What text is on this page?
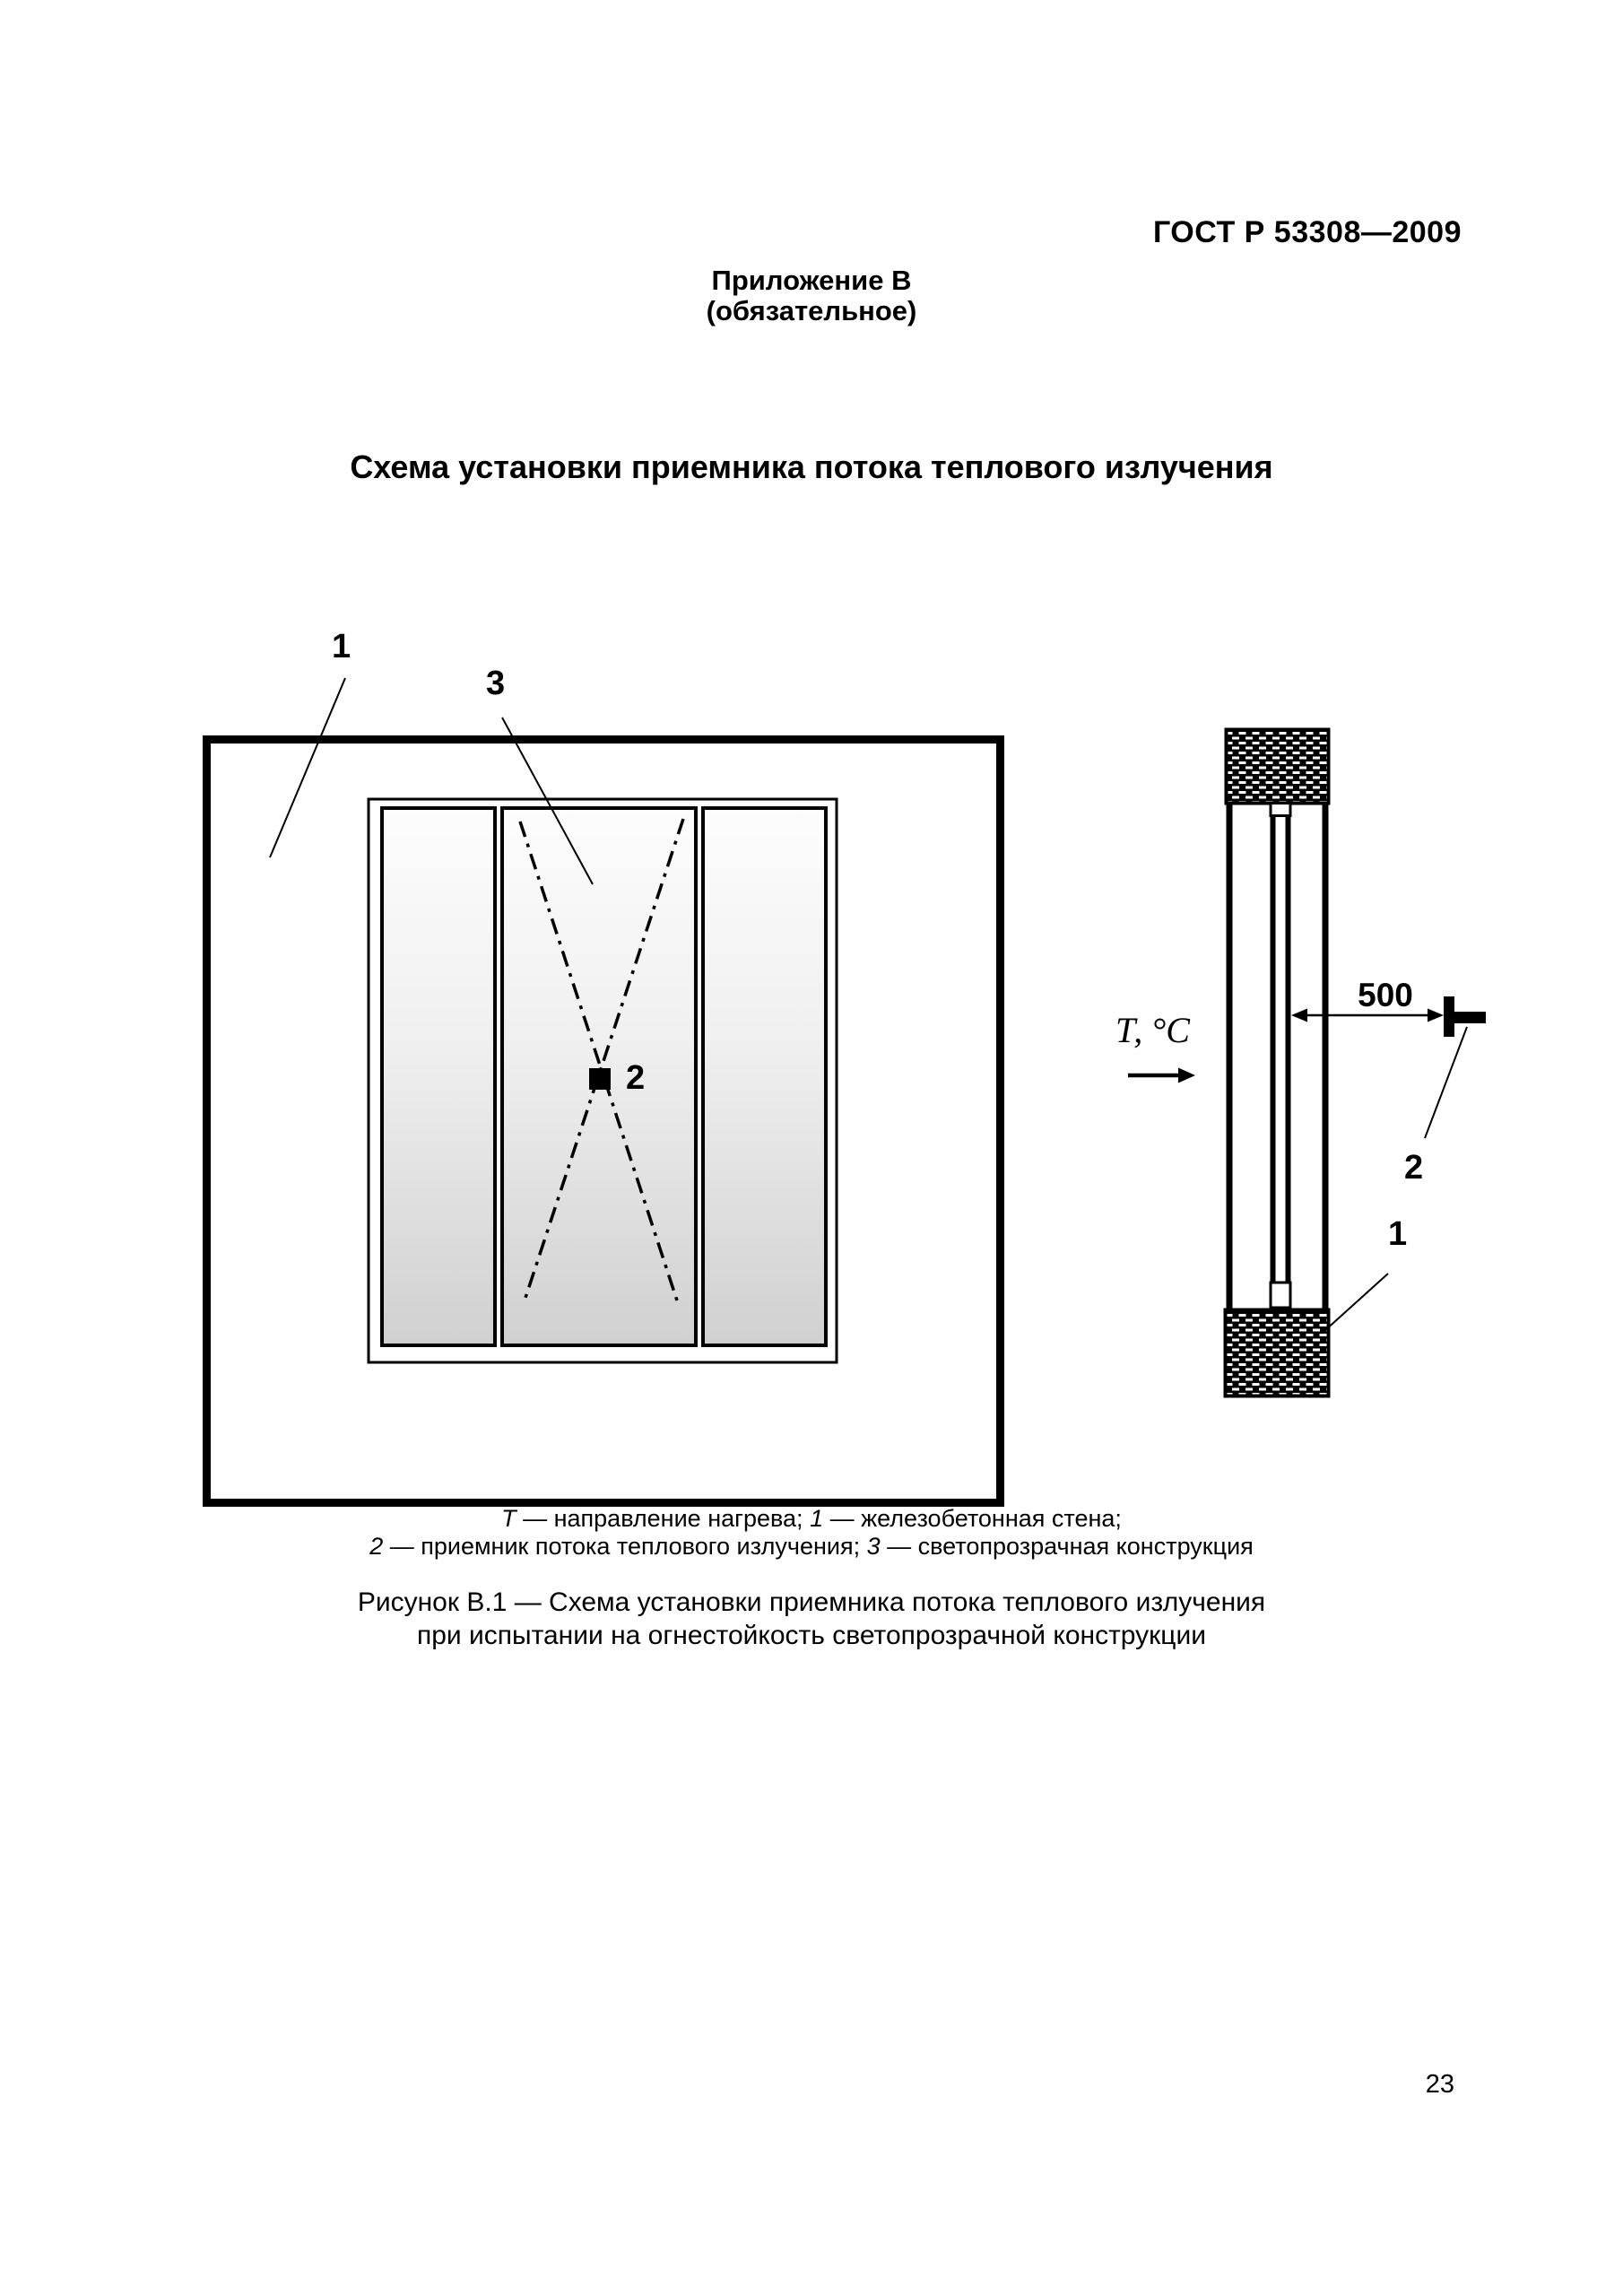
ГОСТ Р 53308—2009
Приложение В
(обязательное)
Схема установки приемника потока теплового излучения
1
3
2
Т, °С
500
2
1
Т — направление нагрева; 1 — железобетонная стена;
2 — приемник потока теплового излучения; 3 — светопрозрачная конструкция
Рисунок В.1 — Схема установки приемника потока теплового излучения
при испытании на огнестойкость светопрозрачной конструкции
23
